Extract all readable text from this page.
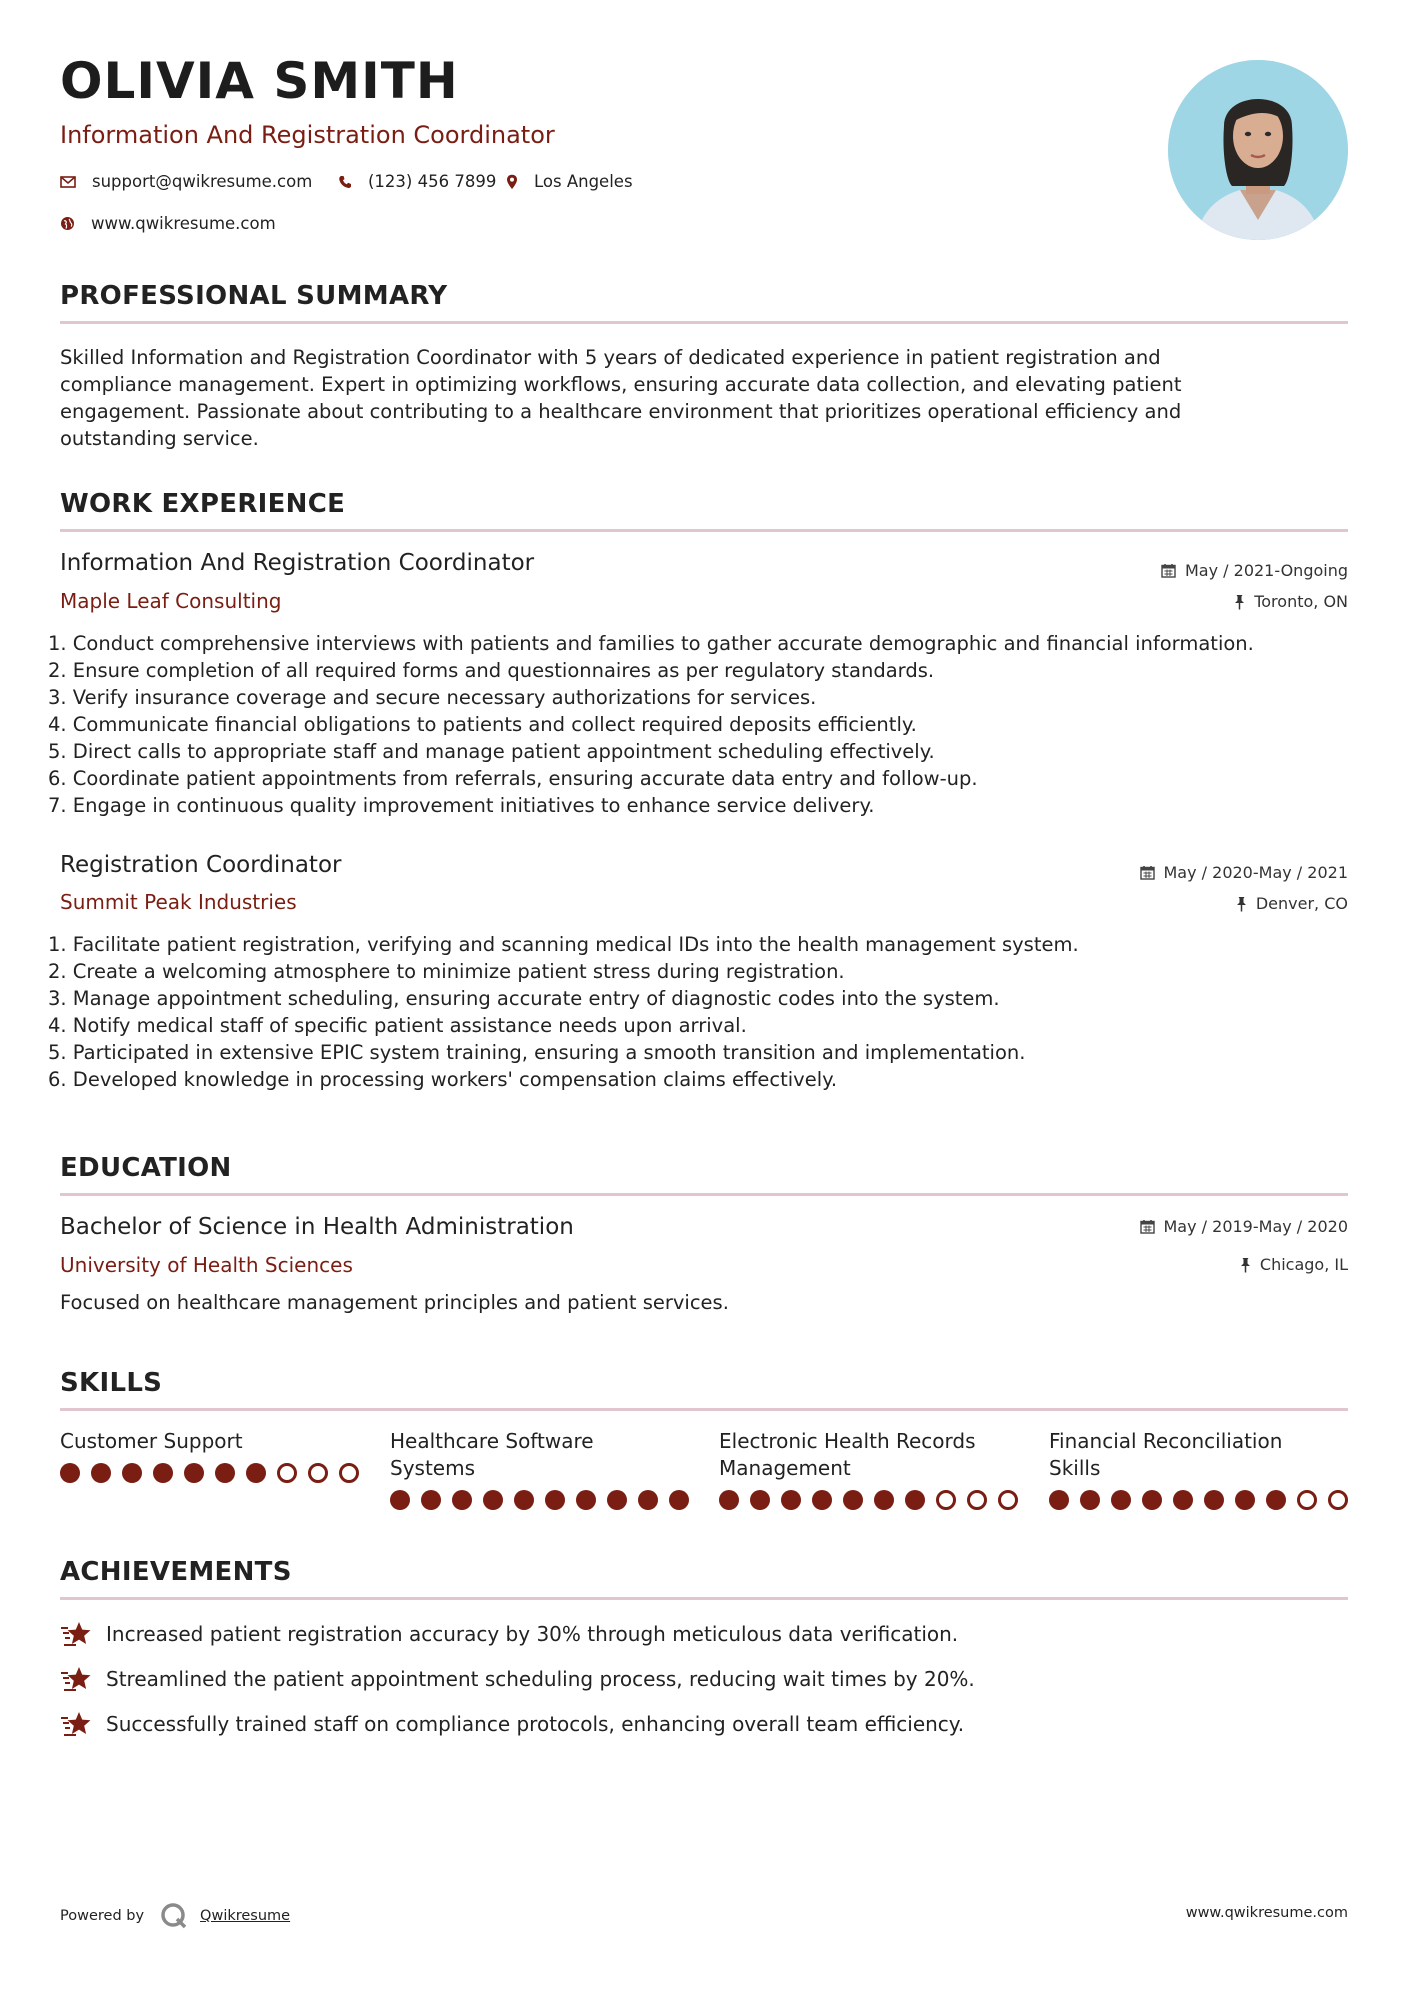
OLIVIA SMITH
Information And Registration Coordinator
support@qwikresume.com	(123) 456 7899 Los Angeles
www.qwikresume.com
PROFESSIONAL SUMMARY
Skilled Information and Registration Coordinator with 5 years of dedicated experience in patient registration and
compliance management. Expert in optimizing workflows, ensuring accurate data collection, and elevating patient
engagement. Passionate about contributing to a healthcare environment that prioritizes operational efficiency and
outstanding service.
WORK EXPERIENCE
Information And Registration Coordinator
Maple Leaf Consulting
May / 2021-Ongoing
Toronto, ON
1. Conduct comprehensive interviews with patients and families to gather accurate demographic and financial information.
2. Ensure completion of all required forms and questionnaires as per regulatory standards.
3. Verify insurance coverage and secure necessary authorizations for services.
4. Communicate financial obligations to patients and collect required deposits efficiently.
5. Direct calls to appropriate staff and manage patient appointment scheduling effectively.
6. Coordinate patient appointments from referrals, ensuring accurate data entry and follow-up.
7. Engage in continuous quality improvement initiatives to enhance service delivery.
Registration Coordinator
Summit Peak Industries
May / 2020-May / 2021
Denver, CO
1. Facilitate patient registration, verifying and scanning medical IDs into the health management system.
2. Create a welcoming atmosphere to minimize patient stress during registration.
3. Manage appointment scheduling, ensuring accurate entry of diagnostic codes into the system.
4. Notify medical staff of specific patient assistance needs upon arrival.
5. Participated in extensive EPIC system training, ensuring a smooth transition and implementation.
6. Developed knowledge in processing workers' compensation claims effectively.
EDUCATION
Bachelor of Science in Health Administration
University of Health Sciences
May / 2019-May / 2020
Chicago, IL
Focused on healthcare management principles and patient services.
SKILLS
Customer Support	Healthcare Software
Systems
Electronic Health Records
Management
Financial Reconciliation
Skills
ACHIEVEMENTS
Increased patient registration accuracy by 30% through meticulous data verification.
Streamlined the patient appointment scheduling process, reducing wait times by 20%.
Successfully trained staff on compliance protocols, enhancing overall team efficiency.
Powered by	Qwikresume	www.qwikresume.com
